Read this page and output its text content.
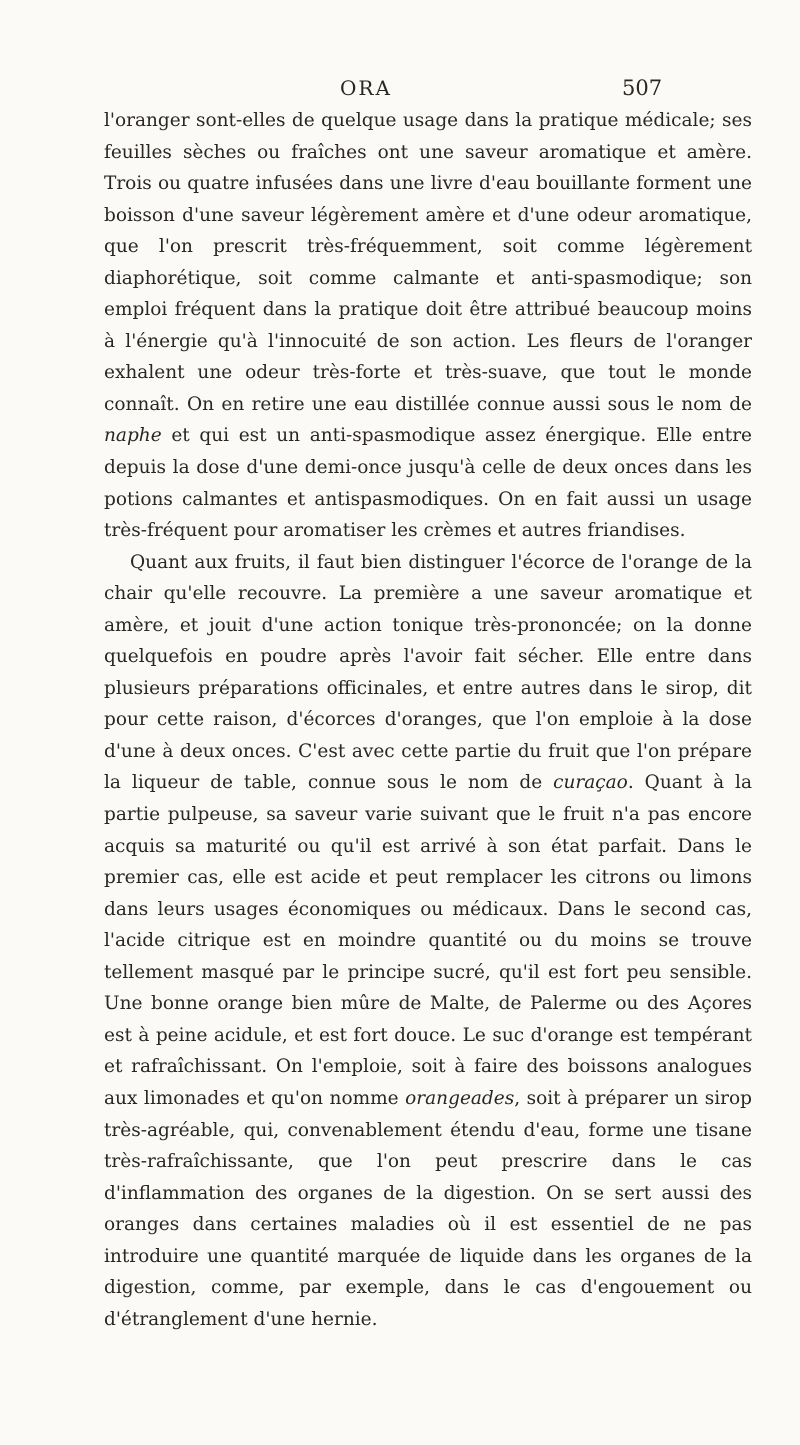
ORA	507

l'oranger sont-elles de quelque usage dans la pratique médicale; ses feuilles sèches ou fraîches ont une saveur aromatique et amère. Trois ou quatre infusées dans une livre d'eau bouillante forment une boisson d'une saveur légèrement amère et d'une odeur aromatique, que l'on prescrit très-fréquemment, soit comme légèrement diaphorétique, soit comme calmante et anti-spasmodique; son emploi fréquent dans la pratique doit être attribué beaucoup moins à l'énergie qu'à l'innocuité de son action. Les fleurs de l'oranger exhalent une odeur très-forte et très-suave, que tout le monde connaît. On en retire une eau distillée connue aussi sous le nom de naphe et qui est un anti-spasmodique assez énergique. Elle entre depuis la dose d'une demi-once jusqu'à celle de deux onces dans les potions calmantes et antispasmodiques. On en fait aussi un usage très-fréquent pour aromatiser les crèmes et autres friandises.

Quant aux fruits, il faut bien distinguer l'écorce de l'orange de la chair qu'elle recouvre. La première a une saveur aromatique et amère, et jouit d'une action tonique très-prononcée; on la donne quelquefois en poudre après l'avoir fait sécher. Elle entre dans plusieurs préparations officinales, et entre autres dans le sirop, dit pour cette raison, d'écorces d'oranges, que l'on emploie à la dose d'une à deux onces. C'est avec cette partie du fruit que l'on prépare la liqueur de table, connue sous le nom de curaçao. Quant à la partie pulpeuse, sa saveur varie suivant que le fruit n'a pas encore acquis sa maturité ou qu'il est arrivé à son état parfait. Dans le premier cas, elle est acide et peut remplacer les citrons ou limons dans leurs usages économiques ou médicaux. Dans le second cas, l'acide citrique est en moindre quantité ou du moins se trouve tellement masqué par le principe sucré, qu'il est fort peu sensible. Une bonne orange bien mûre de Malte, de Palerme ou des Açores est à peine acidule, et est fort douce. Le suc d'orange est tempérant et rafraîchissant. On l'emploie, soit à faire des boissons analogues aux limonades et qu'on nomme orangeades, soit à préparer un sirop très-agréable, qui, convenablement étendu d'eau, forme une tisane très-rafraîchissante, que l'on peut prescrire dans le cas d'inflammation des organes de la digestion. On se sert aussi des oranges dans certaines maladies où il est essentiel de ne pas introduire une quantité marquée de liquide dans les organes de la digestion, comme, par exemple, dans le cas d'engouement ou d'étranglement d'une hernie.
